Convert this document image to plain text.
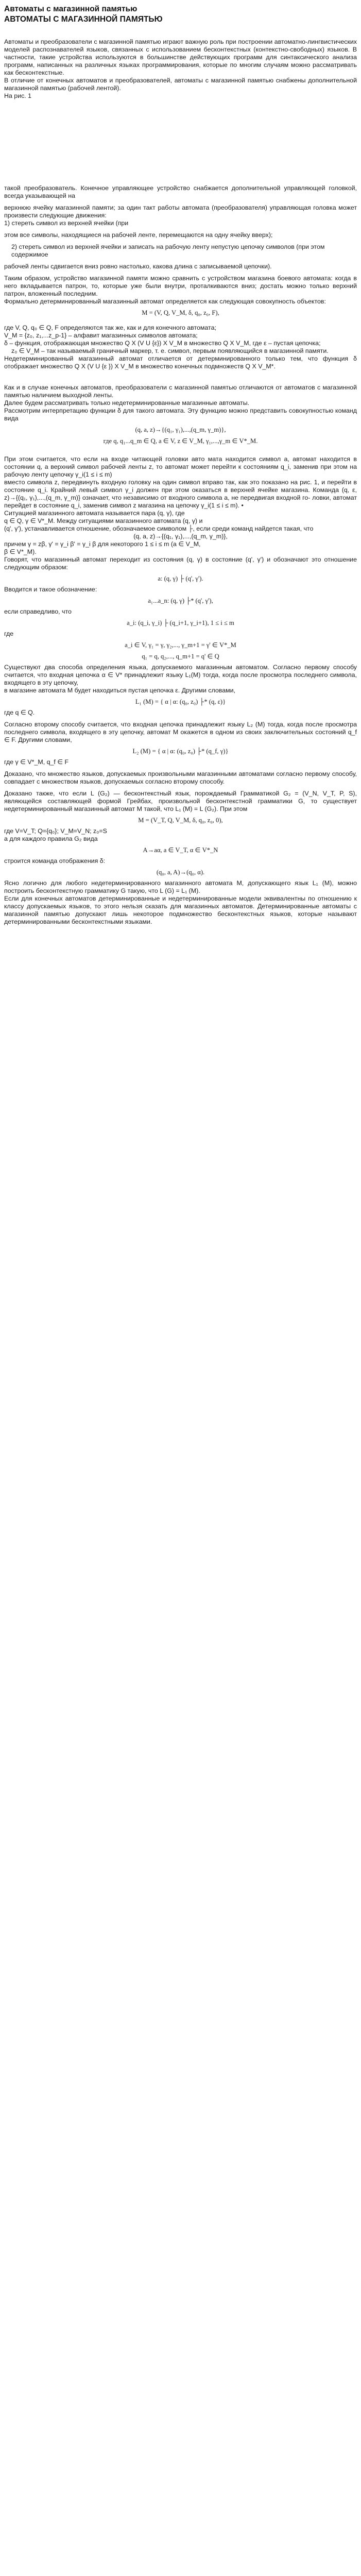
Автоматы с магазинной памятью
АВТОМАТЫ С МАГАЗИННОЙ ПАМЯТЬЮ

Автоматы и преобразователи с магазинной памятью играют важную роль при построении автоматно-лингвистических моделей распознавателей языков, связанных с использованием бесконтекстных (контекстно-свободных) языков. В частности, такие устройства используются в большинстве действующих программ для синтаксического анализа программ, написанных на различных языках программирования, которые по многим случаям можно рассматривать как бесконтекстные.

В отличие от конечных автоматов и преобразователей, автоматы с магазинной памятью снабжены дополнительной магазинной памятью (рабочей лентой).

На рис. 1

такой преобразователь. Конечное управляющее устройство снабжается дополнительной управляющей головкой, всегда указывающей на

верхнюю ячейку магазинной памяти; за один такт работы автомата (преобразователя) управляющая головка может произвести следующие движения:

1) стереть символ из верхней ячейки (при

этом все символы, находящиеся на рабочей ленте, перемещаются на одну ячейку вверх);

2) стереть символ из верхней ячейки и записать на рабочую ленту непустую цепочку символов (при этом содержимое

рабочей ленты сдвигается вниз ровно настолько, какова длина с записываемой цепочки).

Таким образом, устройство магазинной памяти можно сравнить с устройством магазина боевого автомата: когда в него вкладывается патрон, то, которые уже были внутри, проталкиваются вниз; достать можно только верхний патрон, вложенный последним.

Формально детерминированный магазинный автомат определяется как следующая совокупность объектов:

M = (V, Q, V_M, δ, q₀, z₀, F),

где V, Q, q₀ ∈ Q, F определяются так же, как и для конечного автомата;

V_M = {z₀, z₁,...z_p-1} – алфавит магазинных символов автомата;

δ – функция, отображающая множество Q X (V U {ε}) X V_M в множество Q X V_M, где ε – пустая цепочка;

z₀ ∈ V_M – так называемый граничный маркер, т. е. символ, первым появляющийся в магазинной памяти.

Недетерминированный магазинный автомат отличается от детерминированного только тем, что функция δ отображает множество Q X (V U {ε }) X V_M в множество конечных подмножеств Q X V_M*.

Как и в случае конечных автоматов, преобразователи с магазинной памятью отличаются от автоматов с магазинной памятью наличием выходной ленты.

Далее будем рассматривать только недетерминированные магазинные автоматы.

Рассмотрим интерпретацию функции δ для такого автомата. Эту функцию можно представить совокупностью команд вида

(q, a, z)→{(q₁, γ₁),...,(q_m, γ_m)},

где q, q₁...q_m ∈ Q, a ∈ V, z ∈ V_M, γ₁,...,γ_m ∈ V*_M.

При этом считается, что если на входе читающей головки авто мата находится символ а, автомат находится в состоянии q, а верхний символ рабочей ленты z, то автомат может перейти к состояниям q_i, заменив при этом на рабочую ленту цепочку γ_i(1 ≤ i ≤ m)

вместо символа z, передвинуть входную головку на один символ вправо так, как это показано на рис. 1, и перейти в состояние q_i. Крайний левый символ γ_i должен при этом оказаться в верхней ячейке магазина. Команда (q, ε, z)→{(q₁, γ₁),...,(q_m, γ_m)} означает, что независимо от входного символа а, не передвигая входной го- ловки, автомат перейдет в состояние q_i, заменив символ z магазина на цепочку γ_i(1 ≤ i ≤ m). •

Ситуацией магазинного автомата называется пара (q, γ), где

q ∈ Q, γ ∈ V*_M. Между ситуациями магазинного автомата (q, γ) и

(q', γ'), устанавливается отношение, обозначаемое символом ├, если среди команд найдется такая, что

(q, a, z)→{(q₁, γ₁),...,(q_m, γ_m)},

причем γ = zβ, γ' = γ_i β' = γ_i β для некоторого 1 ≤ i ≤ m (a ∈ V_M,

β ∈ V*_M).

Говорят, что магазинный автомат переходит из состояния (q, γ) в состояние (q', γ') и обозначают это отношение следующим образом:

a: (q, γ) ├ (q', γ').

Вводится и такое обозначение:

a₁...a_n: (q, γ) ├* (q', γ'),

если справедливо, что

a_i: (q_i, γ_i) ├ (q_i+1, γ_i+1), 1 ≤ i ≤ m

где

a_i ∈ V, γ₁ = γ, γ₂,..., γ_m+1 = γ' ∈ V*_M

q₁ = q, q₂,..., q_m+1 = q' ∈ Q

Существуют два способа определения языка, допускаемого магазинным автоматом. Согласно первому способу считается, что входная цепочка α ∈ V* принадлежит языку L₁(M) тогда, когда после просмотра последнего символа, входящего в эту цепочку,

в магазине автомата M будет находиться пустая цепочка ε. Другими словами,

L₁ (M) = { α | α: (q₀, z₀) ├* (q, ε)}

где q ∈ Q.

Согласно второму способу считается, что входная цепочка принадлежит языку L₂ (M) тогда, когда после просмотра последнего символа, входящего в эту цепочку, автомат M окажется в одном из своих заключительных состояний q_f ∈ F. Другими словами,

L₂ (M) = { α | α: (q₀, z₀) ├* (q_f, γ)}

где γ ∈ V*_M, q_f ∈ F

Доказано, что множество языков, допускаемых произвольными магазинными автоматами согласно первому способу, совпадает с множеством языков, допускаемых согласно второму способу.

Доказано также, что если L (G₂) — бесконтекстный язык, порождаемый Грамматикой G₂ = (V_N, V_T, P, S), являющейся составляющей формой Грейбах, произвольной бесконтекстной грамматики G, то существует недетерминированный магазинный автомат М такой, что L₁ (M) = L (G₂). При этом

M = (V_T, Q, V_M, δ, q₀, z₀, 0),

где V=V_T; Q={q₀}; V_M=V_N; z₀=S

а для каждого правила G₂ вида

A→aα, a ∈ V_T, α ∈ V*_N

строится команда отображения δ:

(q₀, a, A)→(q₀, α).

Ясно логично для любого недетерминированного магазинного автомата М, допускающего язык L₁ (М), можно построить бесконтекстную грамматику G такую, что L (G) = L₁ (М).

Если для конечных автоматов детерминированные и недетерминированные модели эквивалентны по отношению к классу допускаемых языков, то этого нельзя сказать для магазинных автоматов. Детерминированные автоматы с магазинной памятью допускают лишь некоторое подмножество бесконтекстных языков, которые называют детерминированными бесконтекстными языками.
